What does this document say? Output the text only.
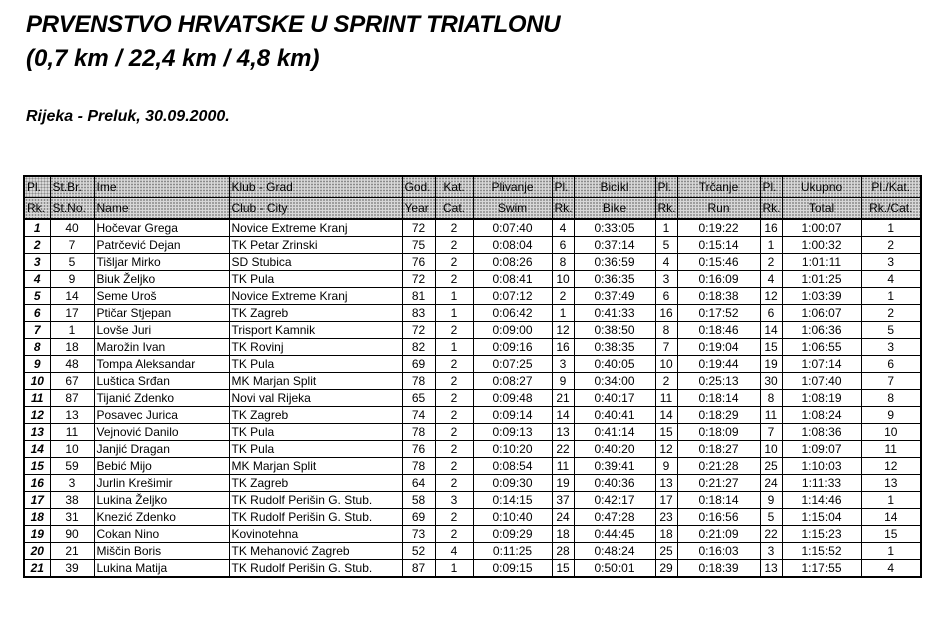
PRVENSTVO HRVATSKE U SPRINT TRIATLONU
(0,7 km / 22,4 km / 4,8 km)
Rijeka - Preluk, 30.09.2000.
Pl.	St.Br.	Ime	Klub - Grad	God.	Kat.	Plivanje	Pl.	Bicikl	Pl.	Trčanje	Pl.	Ukupno	Pl./Kat.
Rk.	St.No.	Name	Club - City	Year	Cat.	Swim	Rk.	Bike	Rk.	Run	Rk.	Total	Rk./Cat.
1	40	Hočevar Grega	Novice Extreme Kranj	72	2	0:07:40	4	0:33:05	1	0:19:22	16	1:00:07	1
2	7	Patrčević Dejan	TK Petar Zrinski	75	2	0:08:04	6	0:37:14	5	0:15:14	1	1:00:32	2
3	5	Tišljar Mirko	SD Stubica	76	2	0:08:26	8	0:36:59	4	0:15:46	2	1:01:11	3
4	9	Biuk Željko	TK Pula	72	2	0:08:41	10	0:36:35	3	0:16:09	4	1:01:25	4
5	14	Seme Uroš	Novice Extreme Kranj	81	1	0:07:12	2	0:37:49	6	0:18:38	12	1:03:39	1
6	17	Ptičar Stjepan	TK Zagreb	83	1	0:06:42	1	0:41:33	16	0:17:52	6	1:06:07	2
7	1	Lovše Juri	Trisport Kamnik	72	2	0:09:00	12	0:38:50	8	0:18:46	14	1:06:36	5
8	18	Marožin Ivan	TK Rovinj	82	1	0:09:16	16	0:38:35	7	0:19:04	15	1:06:55	3
9	48	Tompa Aleksandar	TK Pula	69	2	0:07:25	3	0:40:05	10	0:19:44	19	1:07:14	6
10	67	Luštica Srđan	MK Marjan Split	78	2	0:08:27	9	0:34:00	2	0:25:13	30	1:07:40	7
11	87	Tijanić Zdenko	Novi val Rijeka	65	2	0:09:48	21	0:40:17	11	0:18:14	8	1:08:19	8
12	13	Posavec Jurica	TK Zagreb	74	2	0:09:14	14	0:40:41	14	0:18:29	11	1:08:24	9
13	11	Vejnović Danilo	TK Pula	78	2	0:09:13	13	0:41:14	15	0:18:09	7	1:08:36	10
14	10	Janjić Dragan	TK Pula	76	2	0:10:20	22	0:40:20	12	0:18:27	10	1:09:07	11
15	59	Bebić Mijo	MK Marjan Split	78	2	0:08:54	11	0:39:41	9	0:21:28	25	1:10:03	12
16	3	Jurlin Krešimir	TK Zagreb	64	2	0:09:30	19	0:40:36	13	0:21:27	24	1:11:33	13
17	38	Lukina Željko	TK Rudolf Perišin G. Stub.	58	3	0:14:15	37	0:42:17	17	0:18:14	9	1:14:46	1
18	31	Knezić Zdenko	TK Rudolf Perišin G. Stub.	69	2	0:10:40	24	0:47:28	23	0:16:56	5	1:15:04	14
19	90	Cokan Nino	Kovinotehna	73	2	0:09:29	18	0:44:45	18	0:21:09	22	1:15:23	15
20	21	Miščin Boris	TK Mehanović Zagreb	52	4	0:11:25	28	0:48:24	25	0:16:03	3	1:15:52	1
21	39	Lukina Matija	TK Rudolf Perišin G. Stub.	87	1	0:09:15	15	0:50:01	29	0:18:39	13	1:17:55	4
